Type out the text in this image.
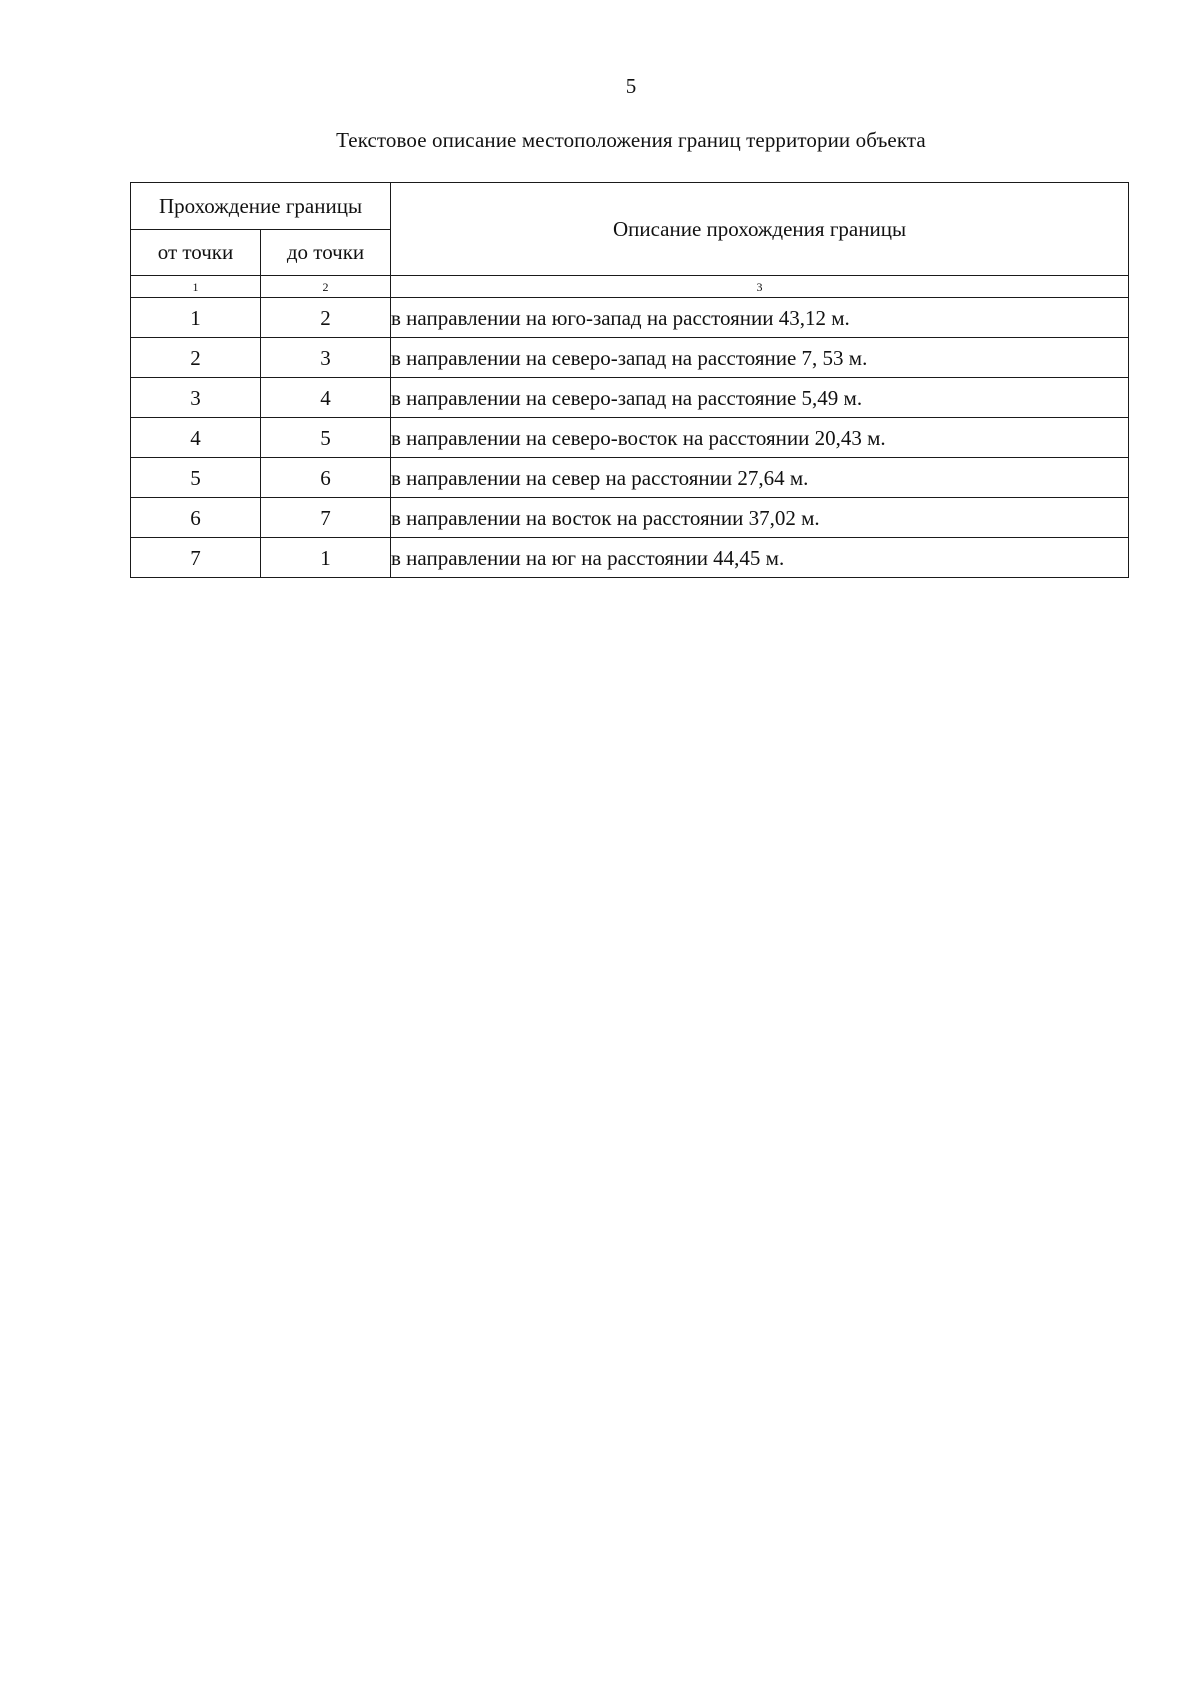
5
Текстовое описание местоположения границ территории объекта
Прохождение границы		Описание прохождения границы
от точки	до точки	
1	2	3
1	2	в направлении на юго-запад на расстоянии 43,12 м.
2	3	в направлении на северо-запад на расстояние 7, 53 м.
3	4	в направлении на северо-запад на расстояние 5,49 м.
4	5	в направлении на северо-восток на расстоянии 20,43 м.
5	6	в направлении на север на расстоянии 27,64 м.
6	7	в направлении на восток на расстоянии 37,02 м.
7	1	в направлении на юг на расстоянии 44,45 м.
